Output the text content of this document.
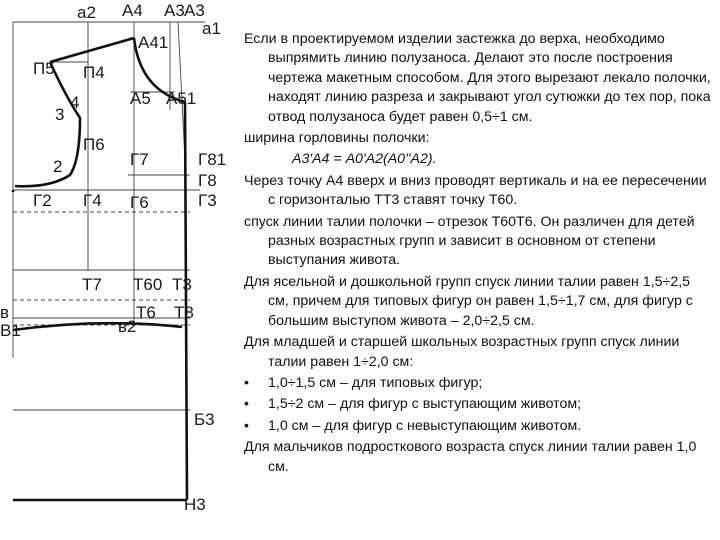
а2 А4 А3 А3
а1
А41
П5 П4
3
4	А5 А51
П6
2	Г7	Г81
Г8
Г2 Г4 Г6	Г3
Т7 Т60 Т3
в
В1	в2
Т6 Т8
Б3
Н3

Если в проектируемом изделии застежка до верха, необходимо выпрямить линию полузаноса. Делают это после построения чертежа макетным способом. Для этого вырезают лекало полочки, находят линию разреза и закрывают угол сутюжки до тех пор, пока отвод полузаноса будет равен 0,5÷1 см.

ширина горловины полочки:

А3'А4 = А0'А2(А0''А2).

Через точку А4 вверх и вниз проводят вертикаль и на ее пересечении с горизонталью ТТ3 ставят точку Т60.

спуск линии талии полочки – отрезок Т60Т6. Он различен для детей разных возрастных групп и зависит в основном от степени выступания живота.

Для ясельной и дошкольной групп спуск линии талии равен 1,5÷2,5 см, причем для типовых фигур он равен 1,5÷1,7 см, для фигур с большим выступом живота – 2,0÷2,5 см.

Для младшей и старшей школьных возрастных групп спуск линии талии равен 1÷2,0 см:

• 1,0÷1,5 см – для типовых фигур;

• 1,5÷2 см – для фигур с выступающим животом;

• 1,0 см – для фигур с невыступающим животом.

Для мальчиков подросткового возраста спуск линии талии равен 1,0 см.
